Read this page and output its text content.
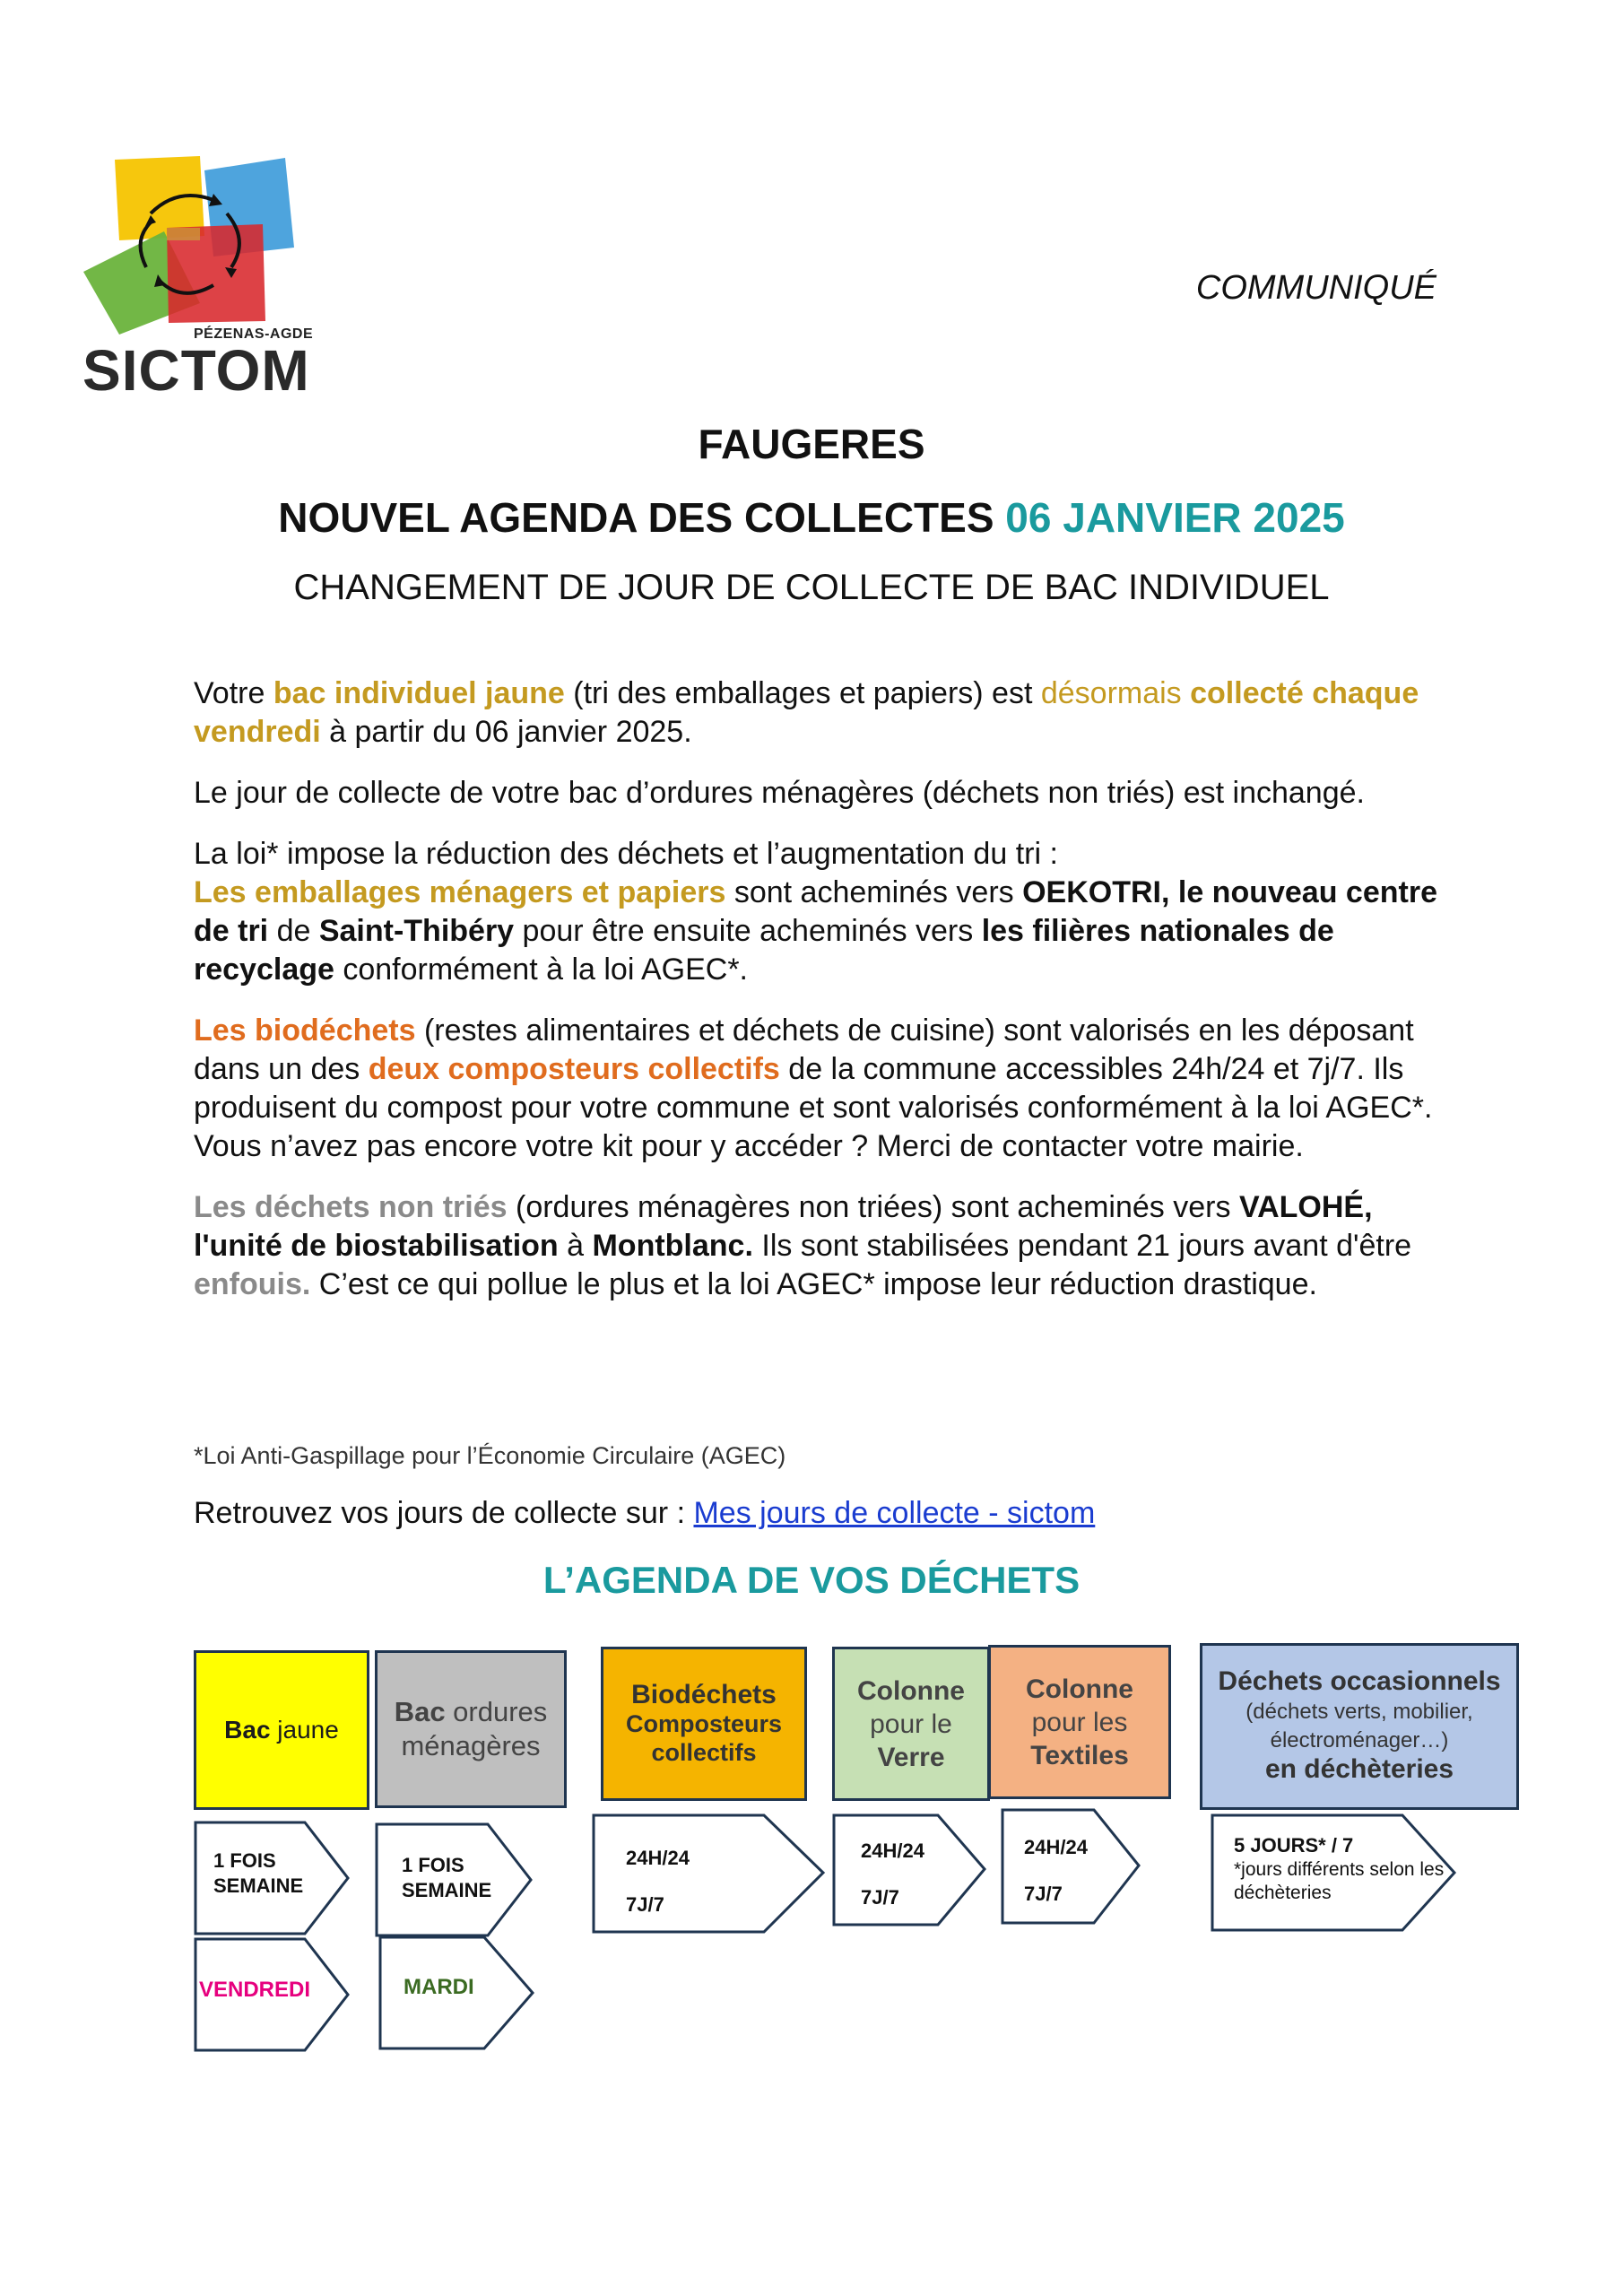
PÉZENAS-AGDE
SICTOM
COMMUNIQUÉ
FAUGERES
NOUVEL AGENDA DES COLLECTES 06 JANVIER 2025
CHANGEMENT DE JOUR DE COLLECTE DE BAC INDIVIDUEL

Votre bac individuel jaune (tri des emballages et papiers) est désormais collecté chaque vendredi à partir du 06 janvier 2025.

Le jour de collecte de votre bac d’ordures ménagères (déchets non triés) est inchangé.

La loi* impose la réduction des déchets et l’augmentation du tri :
Les emballages ménagers et papiers sont acheminés vers OEKOTRI, le nouveau centre de tri de Saint-Thibéry pour être ensuite acheminés vers les filières nationales de recyclage conformément à la loi AGEC*.

Les biodéchets (restes alimentaires et déchets de cuisine) sont valorisés en les déposant dans un des deux composteurs collectifs de la commune accessibles 24h/24 et 7j/7. Ils produisent du compost pour votre commune et sont valorisés conformément à la loi AGEC*. Vous n’avez pas encore votre kit pour y accéder ? Merci de contacter votre mairie.

Les déchets non triés (ordures ménagères non triées) sont acheminés vers VALOHÉ, l'unité de biostabilisation à Montblanc. Ils sont stabilisées pendant 21 jours avant d'être enfouis. C’est ce qui pollue le plus et la loi AGEC* impose leur réduction drastique.

*Loi Anti-Gaspillage pour l’Économie Circulaire (AGEC)
Retrouvez vos jours de collecte sur : Mes jours de collecte - sictom
L’AGENDA DE VOS DÉCHETS
Bac jaune
Bac ordures ménagères
Biodéchets
Composteurs collectifs
Colonne
pour le
Verre
Colonne
pour les
Textiles
Déchets occasionnels (déchets verts, mobilier, électroménager…)
en déchèteries
1 FOIS
SEMAINE
1 FOIS
SEMAINE
24H/24
7J/7
24H/24
7J/7
24H/24
7J/7
5 JOURS* / 7
*jours différents selon les déchèteries
VENDREDI	MARDI
